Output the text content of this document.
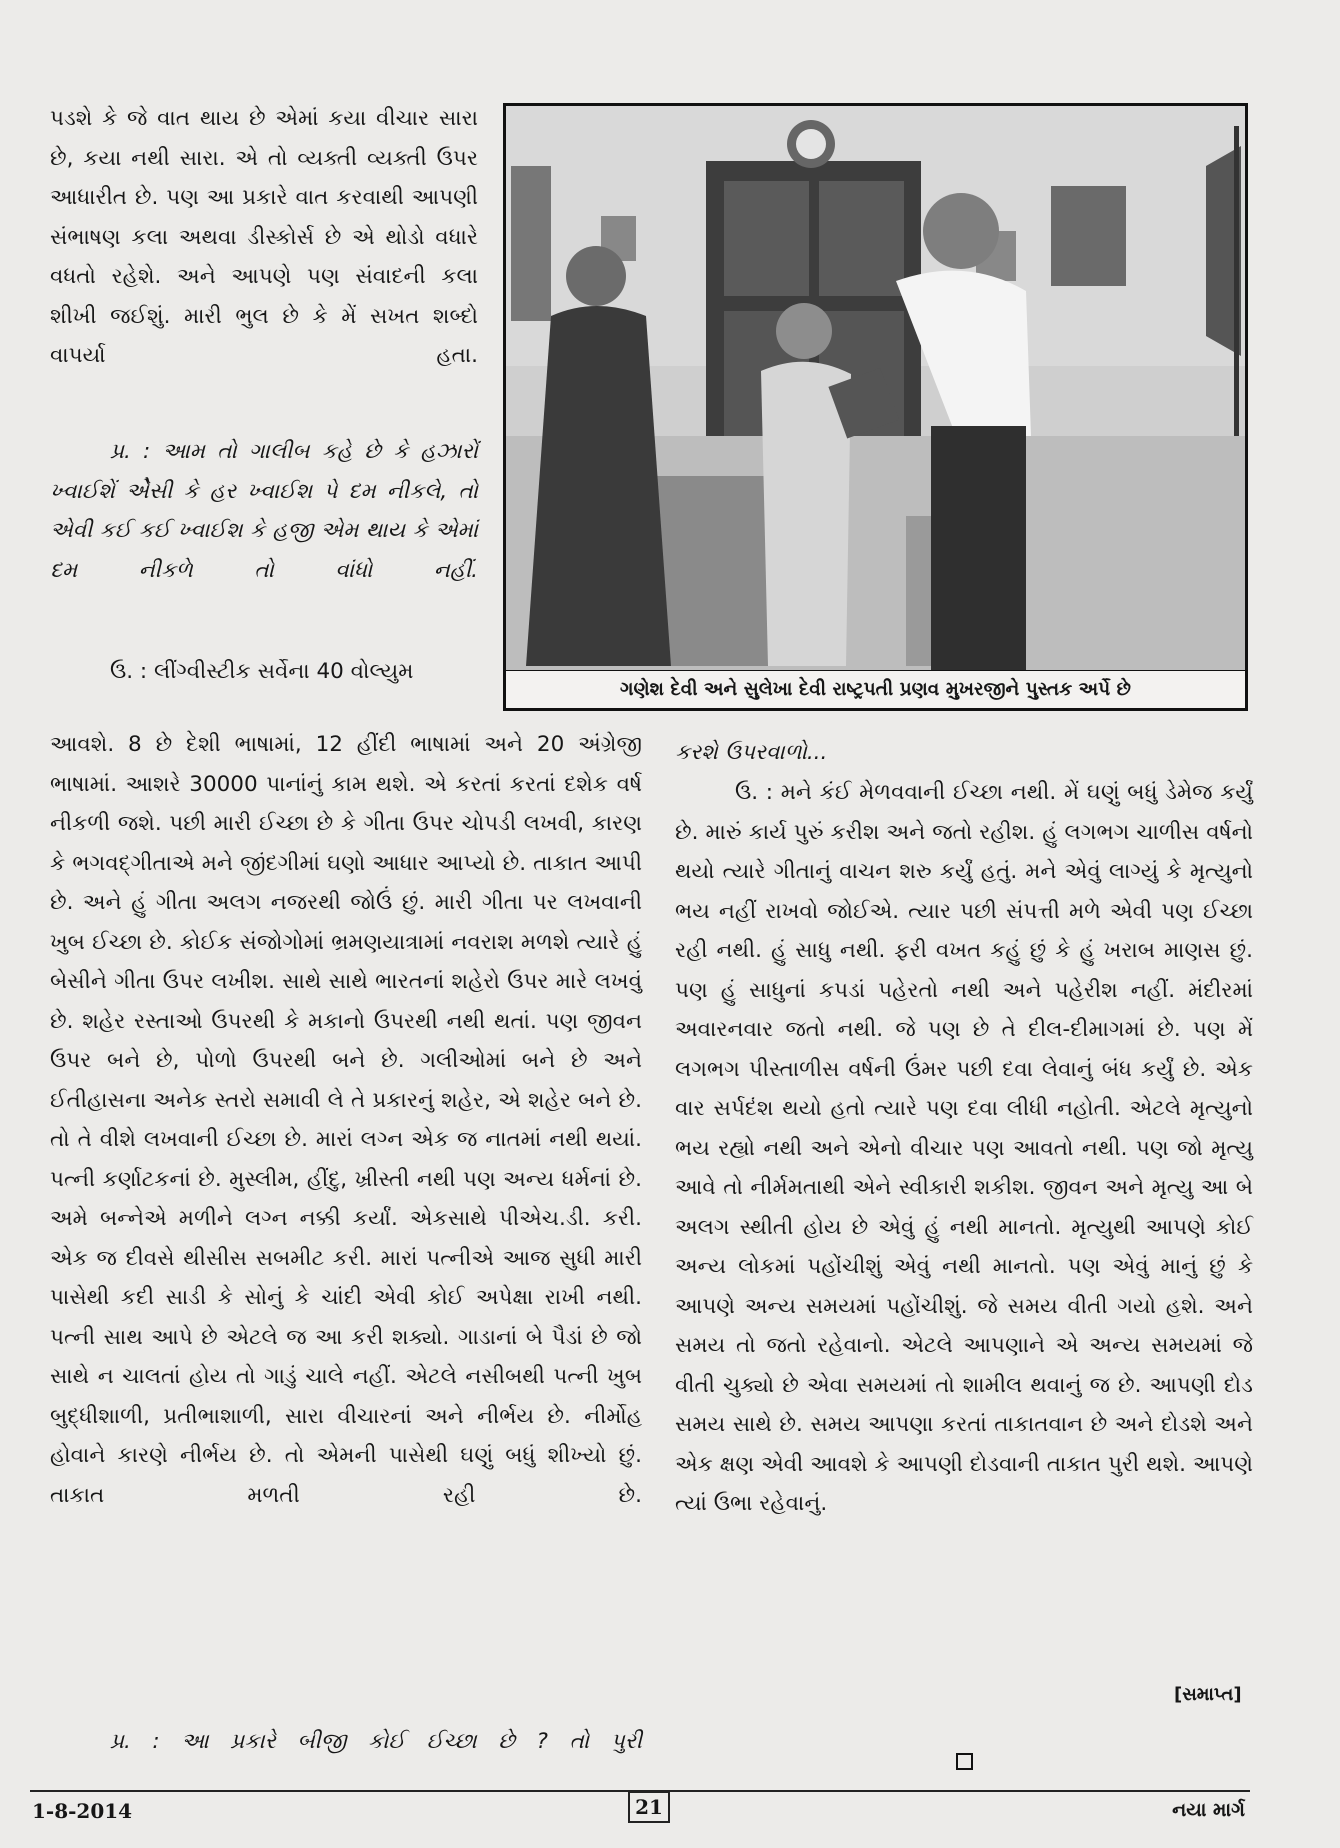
પડશે કે જે વાત થાય છે એમાં કયા વીચાર સારા છે, કયા નથી સારા. એ તો વ્યક્તી વ્યક્તી ઉપર આધારીત છે. પણ આ પ્રકારે વાત કરવાથી આપણી સંભાષણ કલા અથવા ડીસ્કોર્સ છે એ થોડો વધારે વધતો રહેશે. અને આપણે પણ સંવાદની કલા શીખી જઈશું. મારી ભુલ છે કે મેં સખત શબ્દો વાપર્યા હતા.

પ્ર. : આમ તો ગાલીબ કહે છે કે હઝારોં ખ્વાઈશેં એેસી કે હર ખ્વાઈશ પે દમ નીકલે, તો એવી કઈ કઈ ખ્વાઈશ કે હજી એમ થાય કે એમાં દમ નીકળે તો વાંધો નહીં.

ઉ. : લીંગ્વીસ્ટીક સર્વેના 40 વોલ્યુમ

ગણેશ દેવી અને સુલેખા દેવી રાષ્ટ્રપતી પ્રણવ મુખરજીને પુસ્તક અર્પે છે

આવશે. 8 છે દેશી ભાષામાં, 12 હીંદી ભાષામાં અને 20 અંગ્રેજી ભાષામાં. આશરે 30000 પાનાંનું કામ થશે. એ કરતાં કરતાં દશેક વર્ષ નીકળી જશે. પછી મારી ઈચ્છા છે કે ગીતા ઉપર ચોપડી લખવી, કારણ કે ભગવદ્ગીતાએ મને જીંદગીમાં ઘણો આધાર આપ્યો છે. તાકાત આપી છે. અને હું ગીતા અલગ નજરથી જોઉં છું. મારી ગીતા પર લખવાની ખુબ ઈચ્છા છે. કોઈક સંજોગોમાં ભ્રમણયાત્રામાં નવરાશ મળશે ત્યારે હું બેસીને ગીતા ઉપર લખીશ. સાથે સાથે ભારતનાં શહેરો ઉપર મારે લખવું છે. શહેર રસ્તાઓ ઉપરથી કે મકાનો ઉપરથી નથી થતાં. પણ જીવન ઉપર બને છે, પોળો ઉપરથી બને છે. ગલીઓમાં બને છે અને ઈતીહાસના અનેક સ્તરો સમાવી લે તે પ્રકારનું શહેર, એ શહેર બને છે. તો તે વીશે લખવાની ઈચ્છા છે. મારાં લગ્ન એક જ નાતમાં નથી થયાં. પત્ની કર્ણાટકનાં છે. મુસ્લીમ, હીંદુ, ખ્રીસ્તી નથી પણ અન્ય ધર્મનાં છે. અમે બન્નેએ મળીને લગ્ન નક્કી કર્યાં. એકસાથે પીએચ.ડી. કરી. એક જ દીવસે થીસીસ સબમીટ કરી. મારાં પત્નીએ આજ સુધી મારી પાસેથી કદી સાડી કે સોનું કે ચાંદી એવી કોઈ અપેક્ષા રાખી નથી. પત્ની સાથ આપે છે એટલે જ આ કરી શક્યો. ગાડાનાં બે પૈડાં છે જો સાથે ન ચાલતાં હોય તો ગાડું ચાલે નહીં. એટલે નસીબથી પત્ની ખુબ બુદ્ધીશાળી, પ્રતીભાશાળી, સારા વીચારનાં અને નીર્ભય છે. નીર્મોહ હોવાને કારણે નીર્ભય છે. તો એમની પાસેથી ઘણું બધું શીખ્યો છું. તાકાત મળતી રહી છે.

પ્ર. : આ પ્રકારે બીજી કોઈ ઈચ્છા છે ? તો પુરી

કરશે ઉપરવાળો...

ઉ. : મને કંઈ મેળવવાની ઈચ્છા નથી. મેં ઘણું બધું ડેમેજ કર્યું છે. મારું કાર્ય પુરું કરીશ અને જતો રહીશ. હું લગભગ ચાળીસ વર્ષનો થયો ત્યારે ગીતાનું વાચન શરુ કર્યું હતું. મને એવું લાગ્યું કે મૃત્યુનો ભય નહીં રાખવો જોઈએ. ત્યાર પછી સંપત્તી મળે એવી પણ ઈચ્છા રહી નથી. હું સાધુ નથી. ફરી વખત કહું છું કે હું ખરાબ માણસ છું. પણ હું સાધુનાં કપડાં પહેરતો નથી અને પહેરીશ નહીં. મંદીરમાં અવારનવાર જતો નથી. જે પણ છે તે દીલ-દીમાગમાં છે. પણ મેં લગભગ પીસ્તાળીસ વર્ષની ઉંમર પછી દવા લેવાનું બંધ કર્યું છે. એક વાર સર્પદંશ થયો હતો ત્યારે પણ દવા લીધી નહોતી. એટલે મૃત્યુનો ભય રહ્યો નથી અને એનો વીચાર પણ આવતો નથી. પણ જો મૃત્યુ આવે તો નીર્મમતાથી એને સ્વીકારી શકીશ. જીવન અને મૃત્યુ આ બે અલગ સ્થીતી હોય છે એવું હું નથી માનતો. મૃત્યુથી આપણે કોઈ અન્ય લોકમાં પહોંચીશું એવું નથી માનતો. પણ એવું માનું છું કે આપણે અન્ય સમયમાં પહોંચીશું. જે સમય વીતી ગયો હશે. અને સમય તો જતો રહેવાનો. એટલે આપણાને એ અન્ય સમયમાં જે વીતી ચુક્યો છે એવા સમયમાં તો શામીલ થવાનું જ છે. આપણી દોડ સમય સાથે છે. સમય આપણા કરતાં તાકાતવાન છે અને દોડશે અને એક ક્ષણ એવી આવશે કે આપણી દોડવાની તાકાત પુરી થશે. આપણે ત્યાં ઉભા રહેવાનું.

[સમાપ્ત]
1-8-2014	21	નયા માર્ગ
